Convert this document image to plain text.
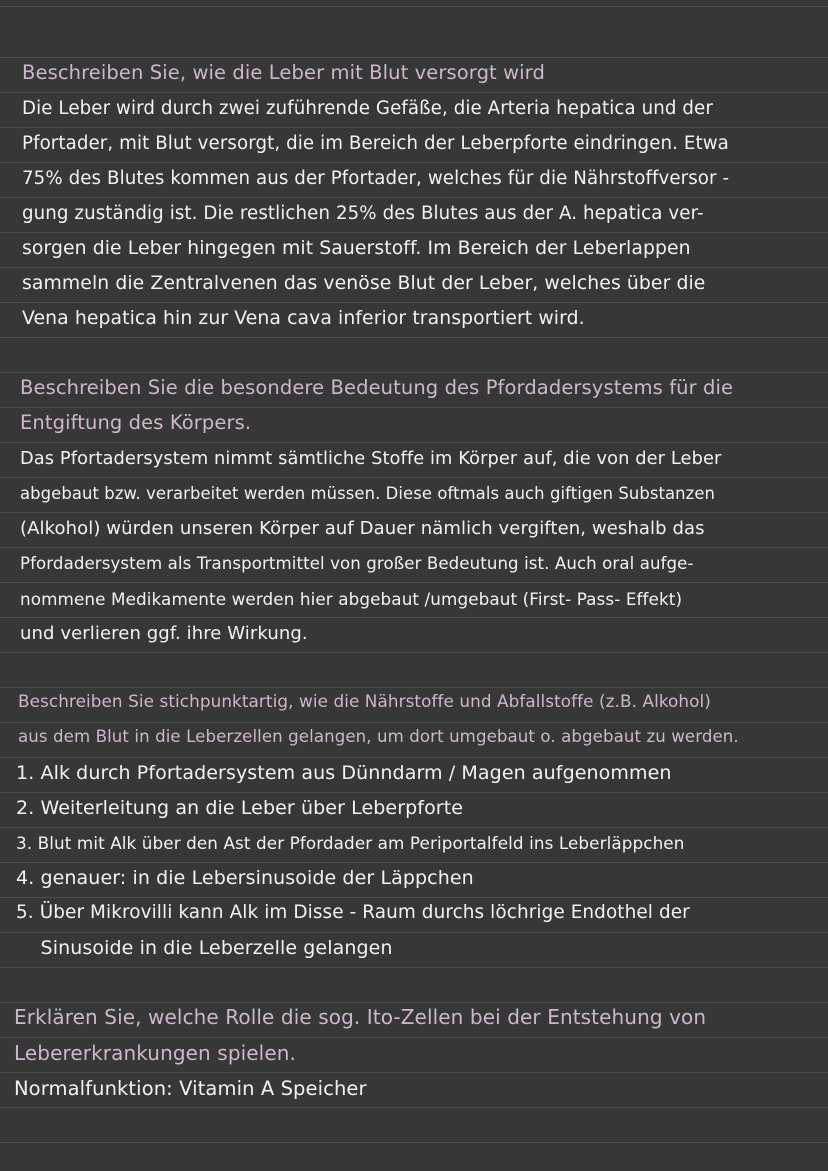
Beschreiben Sie, wie die Leber mit Blut versorgt wird
Die Leber wird durch zwei zuführende Gefäße, die Arteria hepatica und der
Pfortader, mit Blut versorgt, die im Bereich der Leberpforte eindringen. Etwa
75% des Blutes kommen aus der Pfortader, welches für die Nährstoffversor -
gung zuständig ist. Die restlichen 25% des Blutes aus der A. hepatica ver-
sorgen die Leber hingegen mit Sauerstoff. Im Bereich der Leberlappen
sammeln die Zentralvenen das venöse Blut der Leber, welches über die
Vena hepatica hin zur Vena cava inferior transportiert wird.
Beschreiben Sie die besondere Bedeutung des Pfordadersystems für die
Entgiftung des Körpers.
Das Pfortadersystem nimmt sämtliche Stoffe im Körper auf, die von der Leber
abgebaut bzw. verarbeitet werden müssen. Diese oftmals auch giftigen Substanzen
(Alkohol) würden unseren Körper auf Dauer nämlich vergiften, weshalb das
Pfordadersystem als Transportmittel von großer Bedeutung ist. Auch oral aufge-
nommene Medikamente werden hier abgebaut /umgebaut (First- Pass- Effekt)
und verlieren ggf. ihre Wirkung.
Beschreiben Sie stichpunktartig, wie die Nährstoffe und Abfallstoffe (z.B. Alkohol)
aus dem Blut in die Leberzellen gelangen, um dort umgebaut o. abgebaut zu werden.
1. Alk durch Pfortadersystem aus Dünndarm / Magen aufgenommen
2. Weiterleitung an die Leber über Leberpforte
3. Blut mit Alk über den Ast der Pfordader am Periportalfeld ins Leberläppchen
4. genauer: in die Lebersinusoide der Läppchen
5. Über Mikrovilli kann Alk im Disse - Raum durchs löchrige Endothel der
Sinusoide in die Leberzelle gelangen
Erklären Sie, welche Rolle die sog. Ito-Zellen bei der Entstehung von
Lebererkrankungen spielen.
Normalfunktion: Vitamin A Speicher
